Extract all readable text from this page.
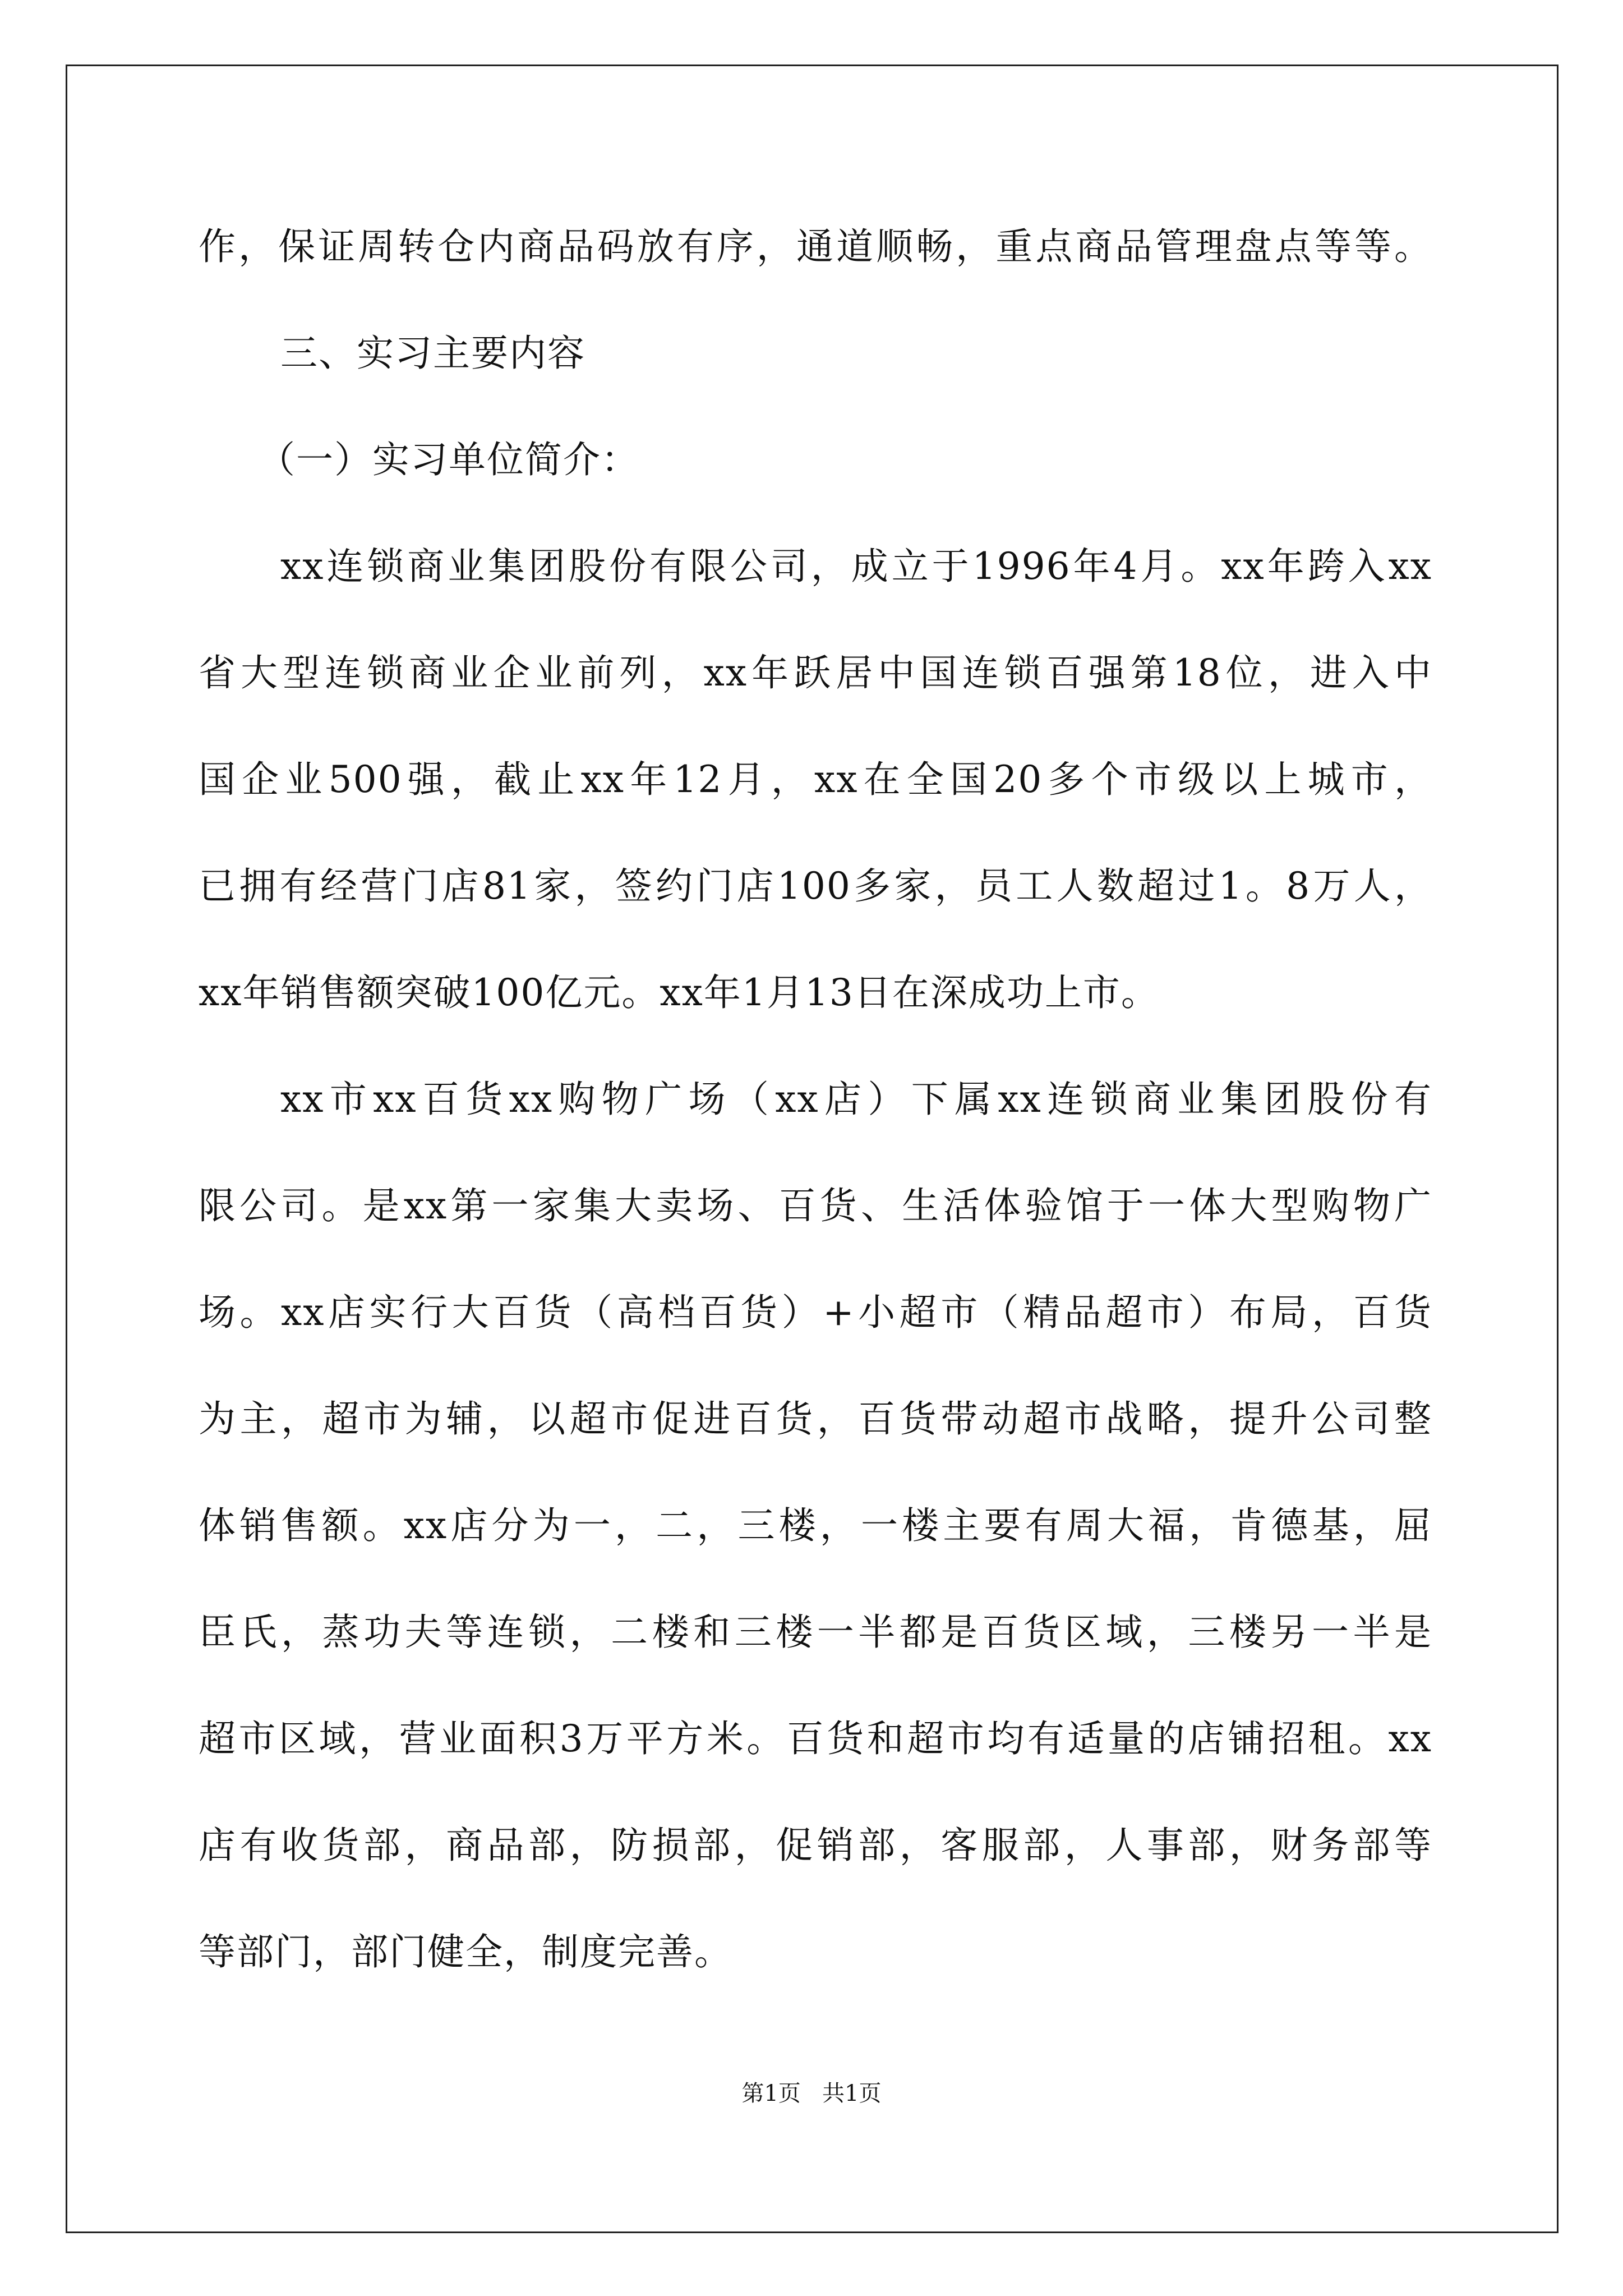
作，保证周转仓内商品码放有序，通道顺畅，重点商品管理盘点等等。
三、实习主要内容
（一）实习单位简介：
xx连锁商业集团股份有限公司，成立于1996年4月。xx年跨入xx
省大型连锁商业企业前列，xx年跃居中国连锁百强第18位，进入中
国企业500强，截止xx年12月，xx在全国20多个市级以上城市，
已拥有经营门店81家，签约门店100多家，员工人数超过1。8万人，
xx年销售额突破100亿元。xx年1月13日在深成功上市。
xx市xx百货xx购物广场（xx店）下属xx连锁商业集团股份有
限公司。是xx第一家集大卖场、百货、生活体验馆于一体大型购物广
场。xx店实行大百货（高档百货）+小超市（精品超市）布局，百货
为主，超市为辅，以超市促进百货，百货带动超市战略，提升公司整
体销售额。xx店分为一，二，三楼，一楼主要有周大福，肯德基，屈
臣氏，蒸功夫等连锁，二楼和三楼一半都是百货区域，三楼另一半是
超市区域，营业面积3万平方米。百货和超市均有适量的店铺招租。xx
店有收货部，商品部，防损部，促销部，客服部，人事部，财务部等
等部门，部门健全，制度完善。
第1页   共1页
